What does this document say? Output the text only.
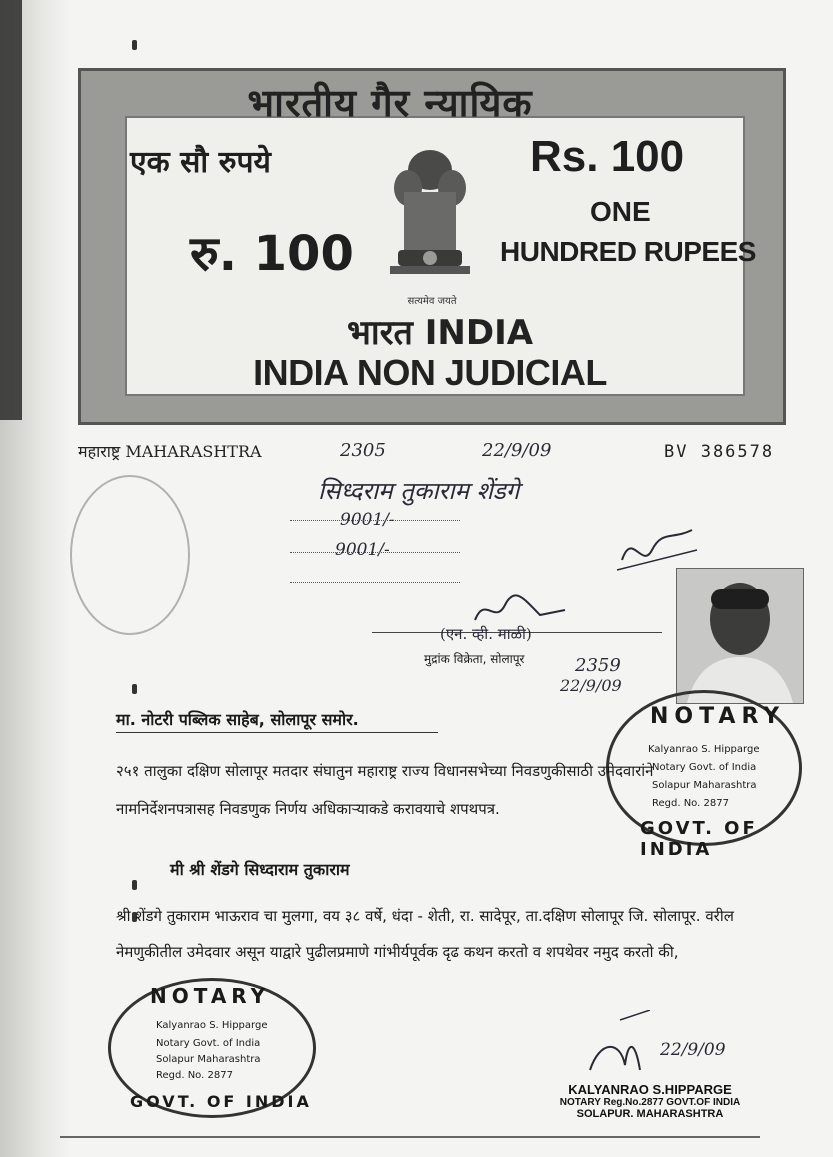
भारतीय गैर न्यायिक
एक सौ रुपये	Rs. 100
ONE
HUNDRED RUPEES
रु. 100
सत्यमेव जयते
भारत INDIA
INDIA NON JUDICIAL
महाराष्ट्र MAHARASHTRA	BV 386578
2305	22/9/09
सिध्दराम तुकाराम शेंडगे
9001/-
9001/-
(एन. व्ही. माळी)
मुद्रांक विक्रेता, सोलापूर	2359
22/9/09
NOTARY
Kalyanrao S. Hipparge
Notary Govt. of India
Solapur Maharashtra
Regd. No. 2877
GOVT. OF INDIA
मा. नोटरी पब्लिक साहेब, सोलापूर समोर.
२५१ तालुका दक्षिण सोलापूर मतदार संघातुन महाराष्ट्र राज्य विधानसभेच्या निवडणुकीसाठी उमेदवारांने नामनिर्देशनपत्रासह निवडणुक निर्णय अधिकाऱ्याकडे करावयाचे शपथपत्र.
मी श्री शेंडगे सिध्दाराम तुकाराम
श्री शेंडगे तुकाराम भाऊराव चा मुलगा, वय ३८ वर्षे, धंदा - शेती, रा. सादेपूर, ता.दक्षिण सोलापूर जि. सोलापूर. वरील नेमणुकीतील उमेदवार असून याद्वारे पुढीलप्रमाणे गांभीर्यपूर्वक दृढ कथन करतो व शपथेवर नमुद करतो की,
NOTARY
Kalyanrao S. Hipparge
Notary Govt. of India
Solapur Maharashtra
Regd. No. 2877
GOVT. OF INDIA
22/9/09
KALYANRAO S.HIPPARGE
NOTARY Reg.No.2877 GOVT.OF INDIA
SOLAPUR. MAHARASHTRA
